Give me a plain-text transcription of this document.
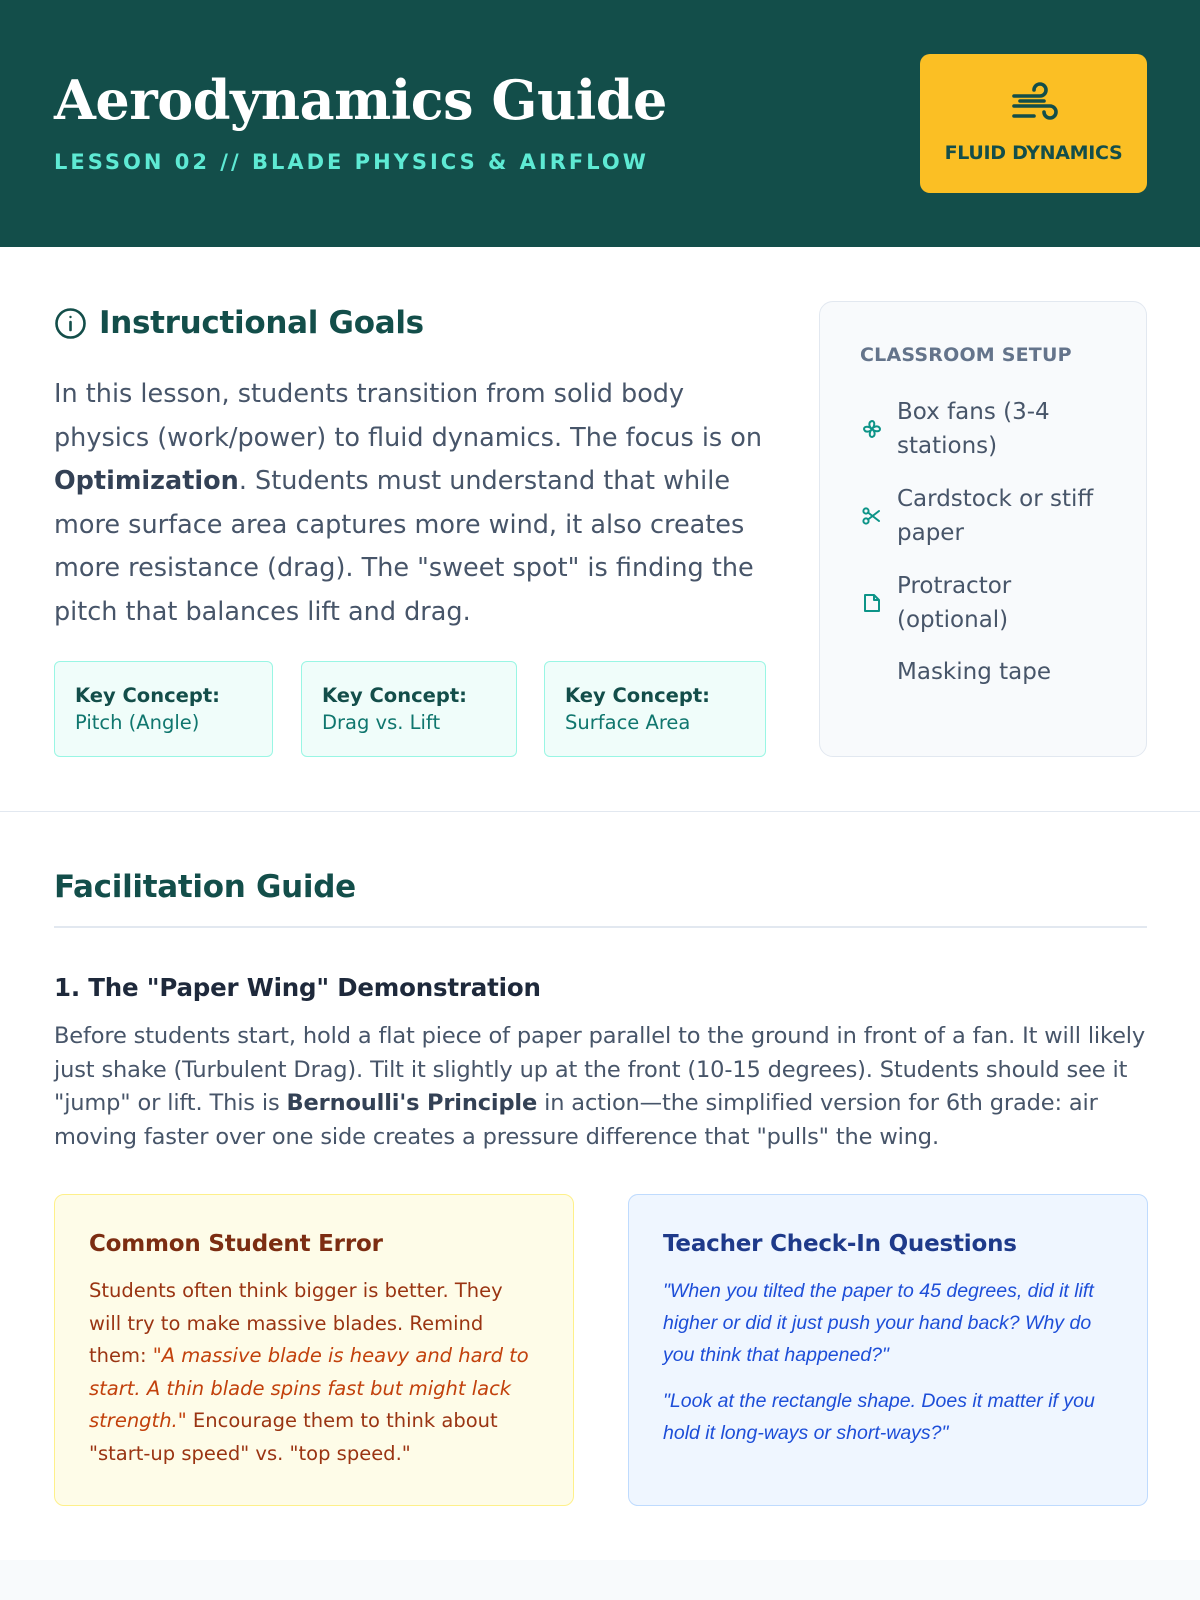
Aerodynamics Guide
LESSON 02 // BLADE PHYSICS & AIRFLOW	FLUID DYNAMICS
Instructional Goals

In this lesson, students transition from solid body physics (work/power) to fluid dynamics. The focus is on Optimization. Students must understand that while more surface area captures more wind, it also creates more resistance (drag). The "sweet spot" is finding the pitch that balances lift and drag.

Key Concept:
Pitch (Angle)
Key Concept:
Drag vs. Lift
Key Concept:
Surface Area
CLASSROOM SETUP
Box fans (3-4 stations)
Cardstock or stiff paper
Protractor (optional)
Masking tape
Facilitation Guide
1. The "Paper Wing" Demonstration

Before students start, hold a flat piece of paper parallel to the ground in front of a fan. It will likely just shake (Turbulent Drag). Tilt it slightly up at the front (10-15 degrees). Students should see it "jump" or lift. This is Bernoulli's Principle in action—the simplified version for 6th grade: air moving faster over one side creates a pressure difference that "pulls" the wing.

Common Student Error

Students often think bigger is better. They will try to make massive blades. Remind them: "A massive blade is heavy and hard to start. A thin blade spins fast but might lack strength." Encourage them to think about "start-up speed" vs. "top speed."

Teacher Check-In Questions

"When you tilted the paper to 45 degrees, did it lift higher or did it just push your hand back? Why do you think that happened?"

"Look at the rectangle shape. Does it matter if you hold it long-ways or short-ways?"
